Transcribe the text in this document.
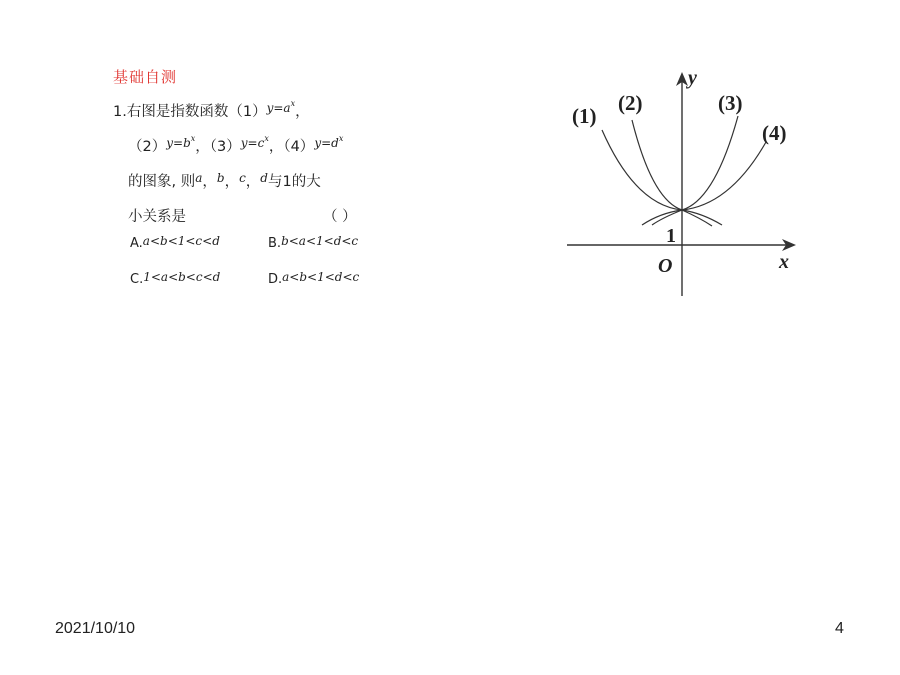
基础自测
1.右图是指数函数$(1)^{y=a^x}$，
$(2)^{y=b^x}$，$(3)^{y=c^x}$，$(4)^{y=d^x}$
的图象, 则$^a$，$^b$，$^c$，$^d$与1的大
小关系是	（ ）
A.a<b<1<c<d	B.b<a<1<d<c
C.1<a<b<c<d	D.a<b<1<d<c
(1)
(2)	(3)
(4)
y
x
O
1
2021/10/10	4
